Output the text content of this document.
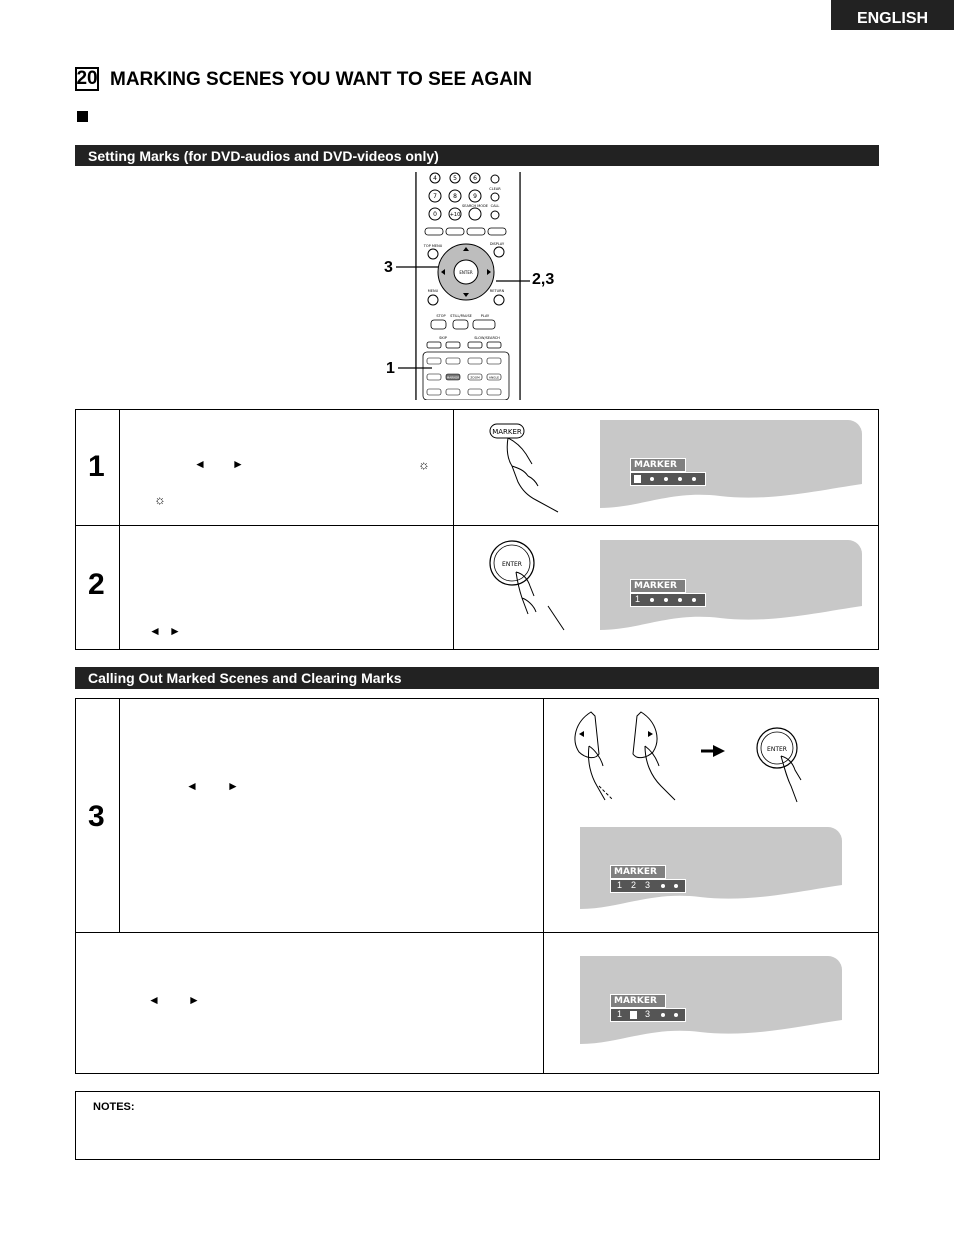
ENGLISH
20 MARKING SCENES YOU WANT TO SEE AGAIN
Setting Marks (for DVD-audios and DVD-videos only)
4	5	6
7	8	9
0	+10
CLEAR
SEARCH MODE CALL
TOP MENU	DISPLAY
MENU	RETURN
STOP STILL/PAUSE	PLAY
SKIP	SLOW/SEARCH
ENTER
MARKER	ZOOM	ANGLE
3
2,3
1
1
2
◄ ►	☼
☼
◄ ►
MARKER
MARKER
ENTER
MARKER
1
Calling Out Marked Scenes and Clearing Marks
3
◄ ►
◄ ►
ENTER
MARKER
1 2 3
MARKER
1	3
NOTES:
